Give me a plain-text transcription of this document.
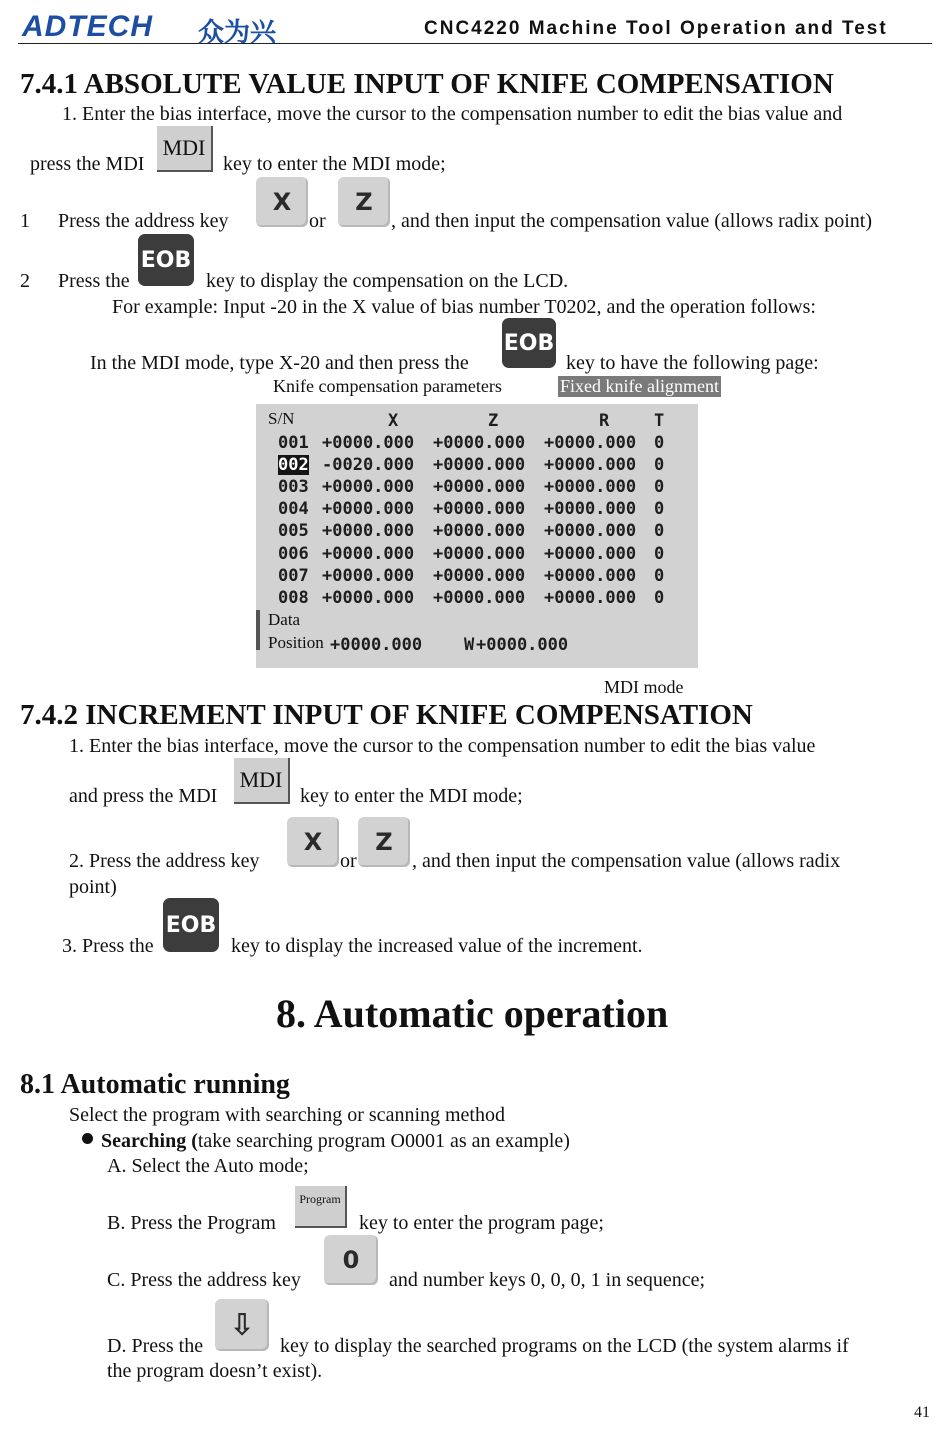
ADTECH 众为兴	CNC4220 Machine Tool Operation and Test
7.4.1 ABSOLUTE VALUE INPUT OF KNIFE COMPENSATION
1. Enter the bias interface, move the cursor to the compensation number to edit the bias value and
press the MDI
MDI
key to enter the MDI mode;
1 Press the address key
X
or
Z
, and then input the compensation value (allows radix point)
2 Press the
EOB
key to display the compensation on the LCD.
For example: Input -20 in the X value of bias number T0202, and the operation follows:
In the MDI mode, type X-20 and then press the
EOB
key to have the following page:
Knife compensation parameters	Fixed knife alignment
S/N	X	Z	R	T
001 +0000.000 +0000.000 +0000.000 0
002 -0020.000 +0000.000 +0000.000 0
003 +0000.000 +0000.000 +0000.000 0
004 +0000.000 +0000.000 +0000.000 0
005 +0000.000 +0000.000 +0000.000 0
006 +0000.000 +0000.000 +0000.000 0
007 +0000.000 +0000.000 +0000.000 0
008 +0000.000 +0000.000 +0000.000 0
Data
Position +0000.000 W +0000.000
MDI mode
7.4.2 INCREMENT INPUT OF KNIFE COMPENSATION
1. Enter the bias interface, move the cursor to the compensation number to edit the bias value
and press the MDI
MDI
key to enter the MDI mode;
2. Press the address key
X
or
Z
, and then input the compensation value (allows radix
point)
3. Press the
EOB
key to display the increased value of the increment.
8. Automatic operation
8.1 Automatic running
Select the program with searching or scanning method
Searching (take searching program O0001 as an example)
A. Select the Auto mode;
B. Press the Program
Program
key to enter the program page;
C. Press the address key
0
and number keys 0, 0, 0, 1 in sequence;
D. Press the
⇩
key to display the searched programs on the LCD (the system alarms if
the program doesn’t exist).
41
